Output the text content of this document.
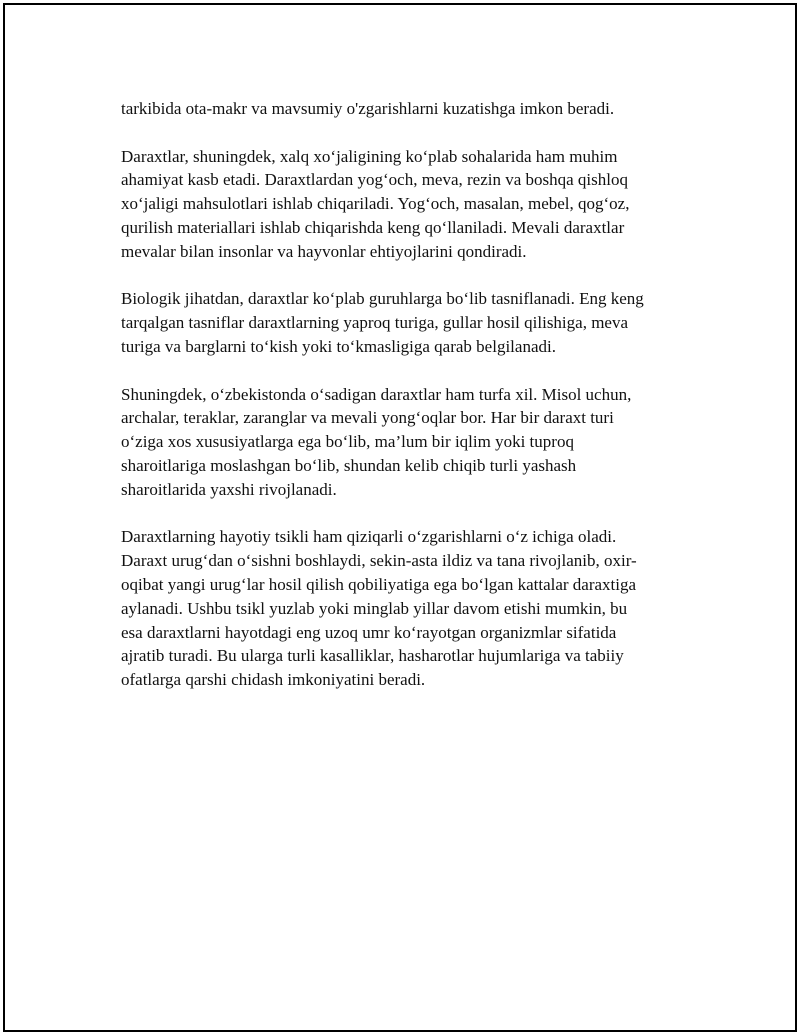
tarkibida ota-makr va mavsumiy o'zgarishlarni kuzatishga imkon beradi.

Daraxtlar, shuningdek, xalq xo‘jaligining ko‘plab sohalarida ham muhim
ahamiyat kasb etadi. Daraxtlardan yog‘och, meva, rezin va boshqa qishloq
xo‘jaligi mahsulotlari ishlab chiqariladi. Yog‘och, masalan, mebel, qog‘oz,
qurilish materiallari ishlab chiqarishda keng qo‘llaniladi. Mevali daraxtlar
mevalar bilan insonlar va hayvonlar ehtiyojlarini qondiradi.

Biologik jihatdan, daraxtlar ko‘plab guruhlarga bo‘lib tasniflanadi. Eng keng
tarqalgan tasniflar daraxtlarning yaproq turiga, gullar hosil qilishiga, meva
turiga va barglarni to‘kish yoki to‘kmasligiga qarab belgilanadi.

Shuningdek, o‘zbekistonda o‘sadigan daraxtlar ham turfa xil. Misol uchun,
archalar, teraklar, zaranglar va mevali yong‘oqlar bor. Har bir daraxt turi
o‘ziga xos xususiyatlarga ega bo‘lib, ma’lum bir iqlim yoki tuproq
sharoitlariga moslashgan bo‘lib, shundan kelib chiqib turli yashash
sharoitlarida yaxshi rivojlanadi.

Daraxtlarning hayotiy tsikli ham qiziqarli o‘zgarishlarni o‘z ichiga oladi.
Daraxt urug‘dan o‘sishni boshlaydi, sekin-asta ildiz va tana rivojlanib, oxir-
oqibat yangi urug‘lar hosil qilish qobiliyatiga ega bo‘lgan kattalar daraxtiga
aylanadi. Ushbu tsikl yuzlab yoki minglab yillar davom etishi mumkin, bu
esa daraxtlarni hayotdagi eng uzoq umr ko‘rayotgan organizmlar sifatida
ajratib turadi. Bu ularga turli kasalliklar, hasharotlar hujumlariga va tabiiy
ofatlarga qarshi chidash imkoniyatini beradi.
